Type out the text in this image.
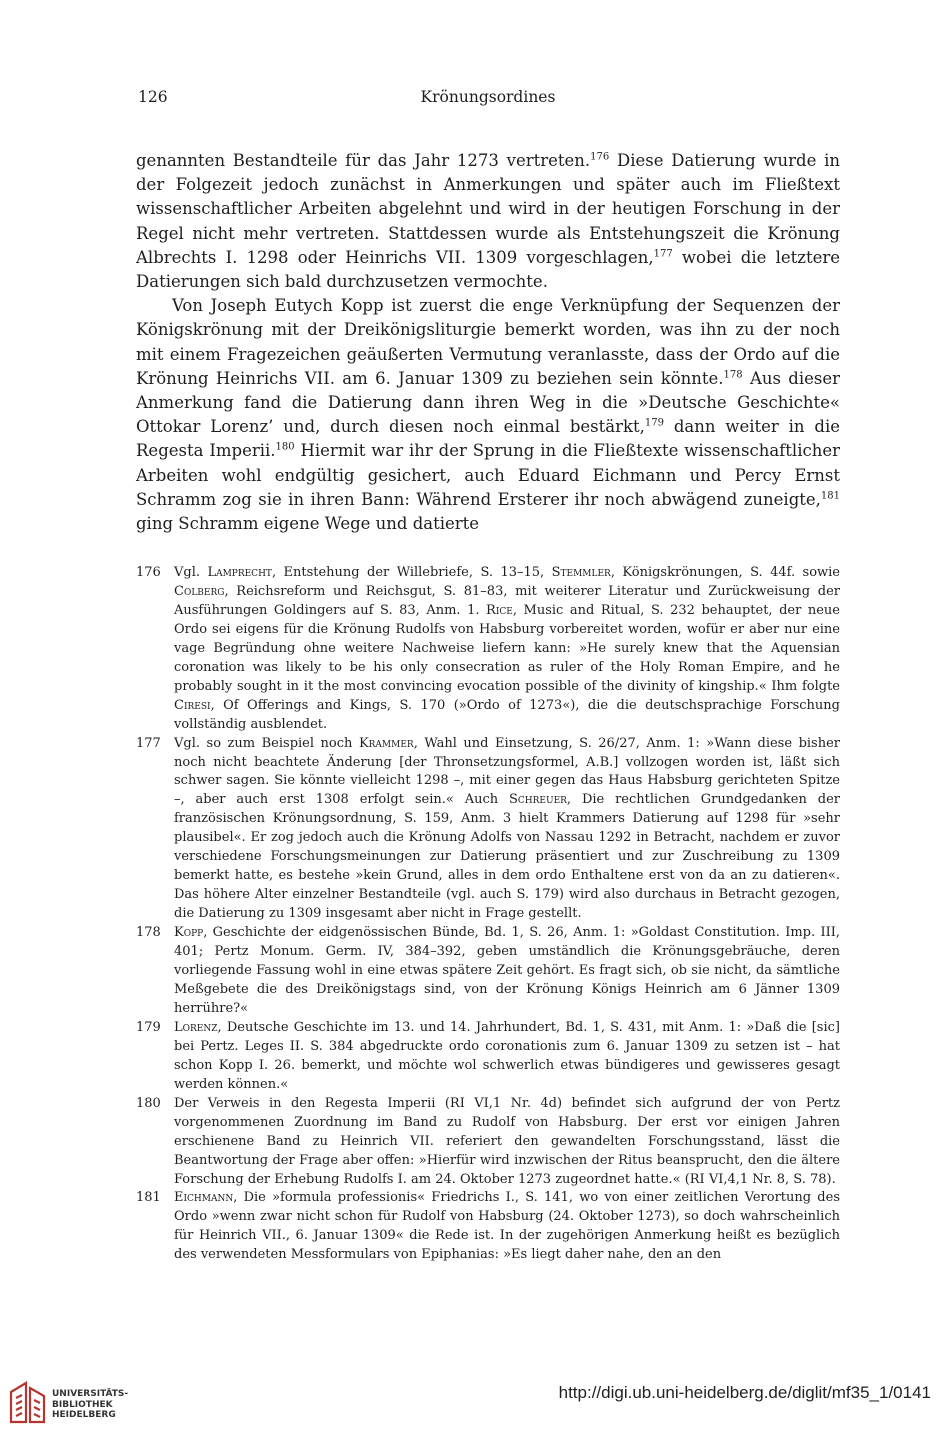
126	Krönungsordines

genannten Bestandteile für das Jahr 1273 vertreten.$^{176}$ Diese Datierung wurde in der Folgezeit jedoch zunächst in Anmerkungen und später auch im Fließtext wissenschaftlicher Arbeiten abgelehnt und wird in der heutigen Forschung in der Regel nicht mehr vertreten. Stattdessen wurde als Entstehungszeit die Krönung Albrechts I. 1298 oder Heinrichs VII. 1309 vorgeschlagen,$^{177}$ wobei die letztere Datierungen sich bald durchzusetzen vermochte.

Von Joseph Eutych Kopp ist zuerst die enge Verknüpfung der Sequenzen der Königskrönung mit der Dreikönigsliturgie bemerkt worden, was ihn zu der noch mit einem Fragezeichen geäußerten Vermutung veranlasste, dass der Ordo auf die Krönung Heinrichs VII. am 6. Januar 1309 zu beziehen sein könnte.$^{178}$ Aus dieser Anmerkung fand die Datierung dann ihren Weg in die »Deutsche Geschichte« Ottokar Lorenz’ und, durch diesen noch einmal bestärkt,$^{179}$ dann weiter in die Regesta Imperii.$^{180}$ Hiermit war ihr der Sprung in die Fließtexte wissenschaftlicher Arbeiten wohl endgültig gesichert, auch Eduard Eichmann und Percy Ernst Schramm zog sie in ihren Bann: Während Ersterer ihr noch abwägend zuneigte,$^{181}$ ging Schramm eigene Wege und datierte

176 Vgl. Lamprecht, Entstehung der Willebriefe, S. 13–15, Stemmler, Königskrönungen, S. 44f. sowie Colberg, Reichsreform und Reichsgut, S. 81–83, mit weiterer Literatur und Zurückweisung der Ausführungen Goldingers auf S. 83, Anm. 1. Rice, Music and Ritual, S. 232 behauptet, der neue Ordo sei eigens für die Krönung Rudolfs von Habsburg vorbereitet worden, wofür er aber nur eine vage Begründung ohne weitere Nachweise liefern kann: »He surely knew that the Aquensian coronation was likely to be his only consecration as ruler of the Holy Roman Empire, and he probably sought in it the most convincing evocation possible of the divinity of kingship.« Ihm folgte Ciresi, Of Offerings and Kings, S. 170 (»Ordo of 1273«), die die deutschsprachige Forschung vollständig ausblendet.
177 Vgl. so zum Beispiel noch Krammer, Wahl und Einsetzung, S. 26/27, Anm. 1: »Wann diese bisher noch nicht beachtete Änderung [der Thronsetzungsformel, A.B.] vollzogen worden ist, läßt sich schwer sagen. Sie könnte vielleicht 1298 –, mit einer gegen das Haus Habsburg gerichteten Spitze –, aber auch erst 1308 erfolgt sein.« Auch Schreuer, Die rechtlichen Grundgedanken der französischen Krönungsordnung, S. 159, Anm. 3 hielt Krammers Datierung auf 1298 für »sehr plausibel«. Er zog jedoch auch die Krönung Adolfs von Nassau 1292 in Betracht, nachdem er zuvor verschiedene Forschungsmeinungen zur Datierung präsentiert und zur Zuschreibung zu 1309 bemerkt hatte, es bestehe »kein Grund, alles in dem ordo Enthaltene erst von da an zu datieren«. Das höhere Alter einzelner Bestandteile (vgl. auch S. 179) wird also durchaus in Betracht gezogen, die Datierung zu 1309 insgesamt aber nicht in Frage gestellt.
178 Kopp, Geschichte der eidgenössischen Bünde, Bd. 1, S. 26, Anm. 1: »Goldast Constitution. Imp. III, 401; Pertz Monum. Germ. IV, 384–392, geben umständlich die Krönungsgebräuche, deren vorliegende Fassung wohl in eine etwas spätere Zeit gehört. Es fragt sich, ob sie nicht, da sämtliche Meßgebete die des Dreikönigstags sind, von der Krönung Königs Heinrich am 6 Jänner 1309 herrühre?«
179 Lorenz, Deutsche Geschichte im 13. und 14. Jahrhundert, Bd. 1, S. 431, mit Anm. 1: »Daß die [sic] bei Pertz. Leges II. S. 384 abgedruckte ordo coronationis zum 6. Januar 1309 zu setzen ist – hat schon Kopp I. 26. bemerkt, und möchte wol schwerlich etwas bündigeres und gewisseres gesagt werden können.«
180 Der Verweis in den Regesta Imperii (RI VI,1 Nr. 4d) befindet sich aufgrund der von Pertz vorgenommenen Zuordnung im Band zu Rudolf von Habsburg. Der erst vor einigen Jahren erschienene Band zu Heinrich VII. referiert den gewandelten Forschungsstand, lässt die Beantwortung der Frage aber offen: »Hierfür wird inzwischen der Ritus beansprucht, den die ältere Forschung der Erhebung Rudolfs I. am 24. Oktober 1273 zugeordnet hatte.« (RI VI,4,1 Nr. 8, S. 78).
181 Eichmann, Die »formula professionis« Friedrichs I., S. 141, wo von einer zeitlichen Verortung des Ordo »wenn zwar nicht schon für Rudolf von Habsburg (24. Oktober 1273), so doch wahrscheinlich für Heinrich VII., 6. Januar 1309« die Rede ist. In der zugehörigen Anmerkung heißt es bezüglich des verwendeten Messformulars von Epiphanias: »Es liegt daher nahe, den an den
UNIVERSITÄTS-
BIBLIOTHEK
HEIDELBERG
http://digi.ub.uni-heidelberg.de/diglit/mf35_1/0141
